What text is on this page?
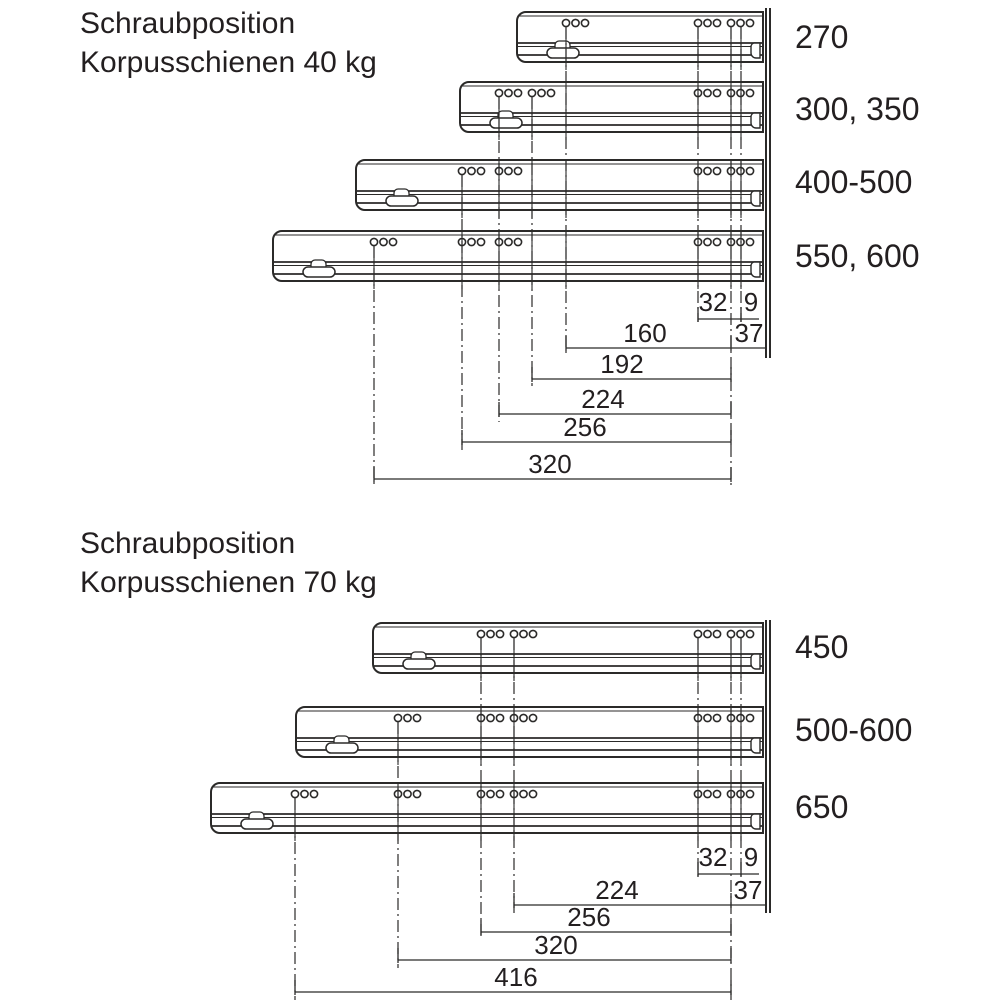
Schraubposition
Korpusschienen 40 kg
270
300, 350
400-500
550, 600
32 9
160	37
192
224
256
320
Schraubposition
Korpusschienen 70 kg
450
500-600
650
32 9
224	37
256
320
416
